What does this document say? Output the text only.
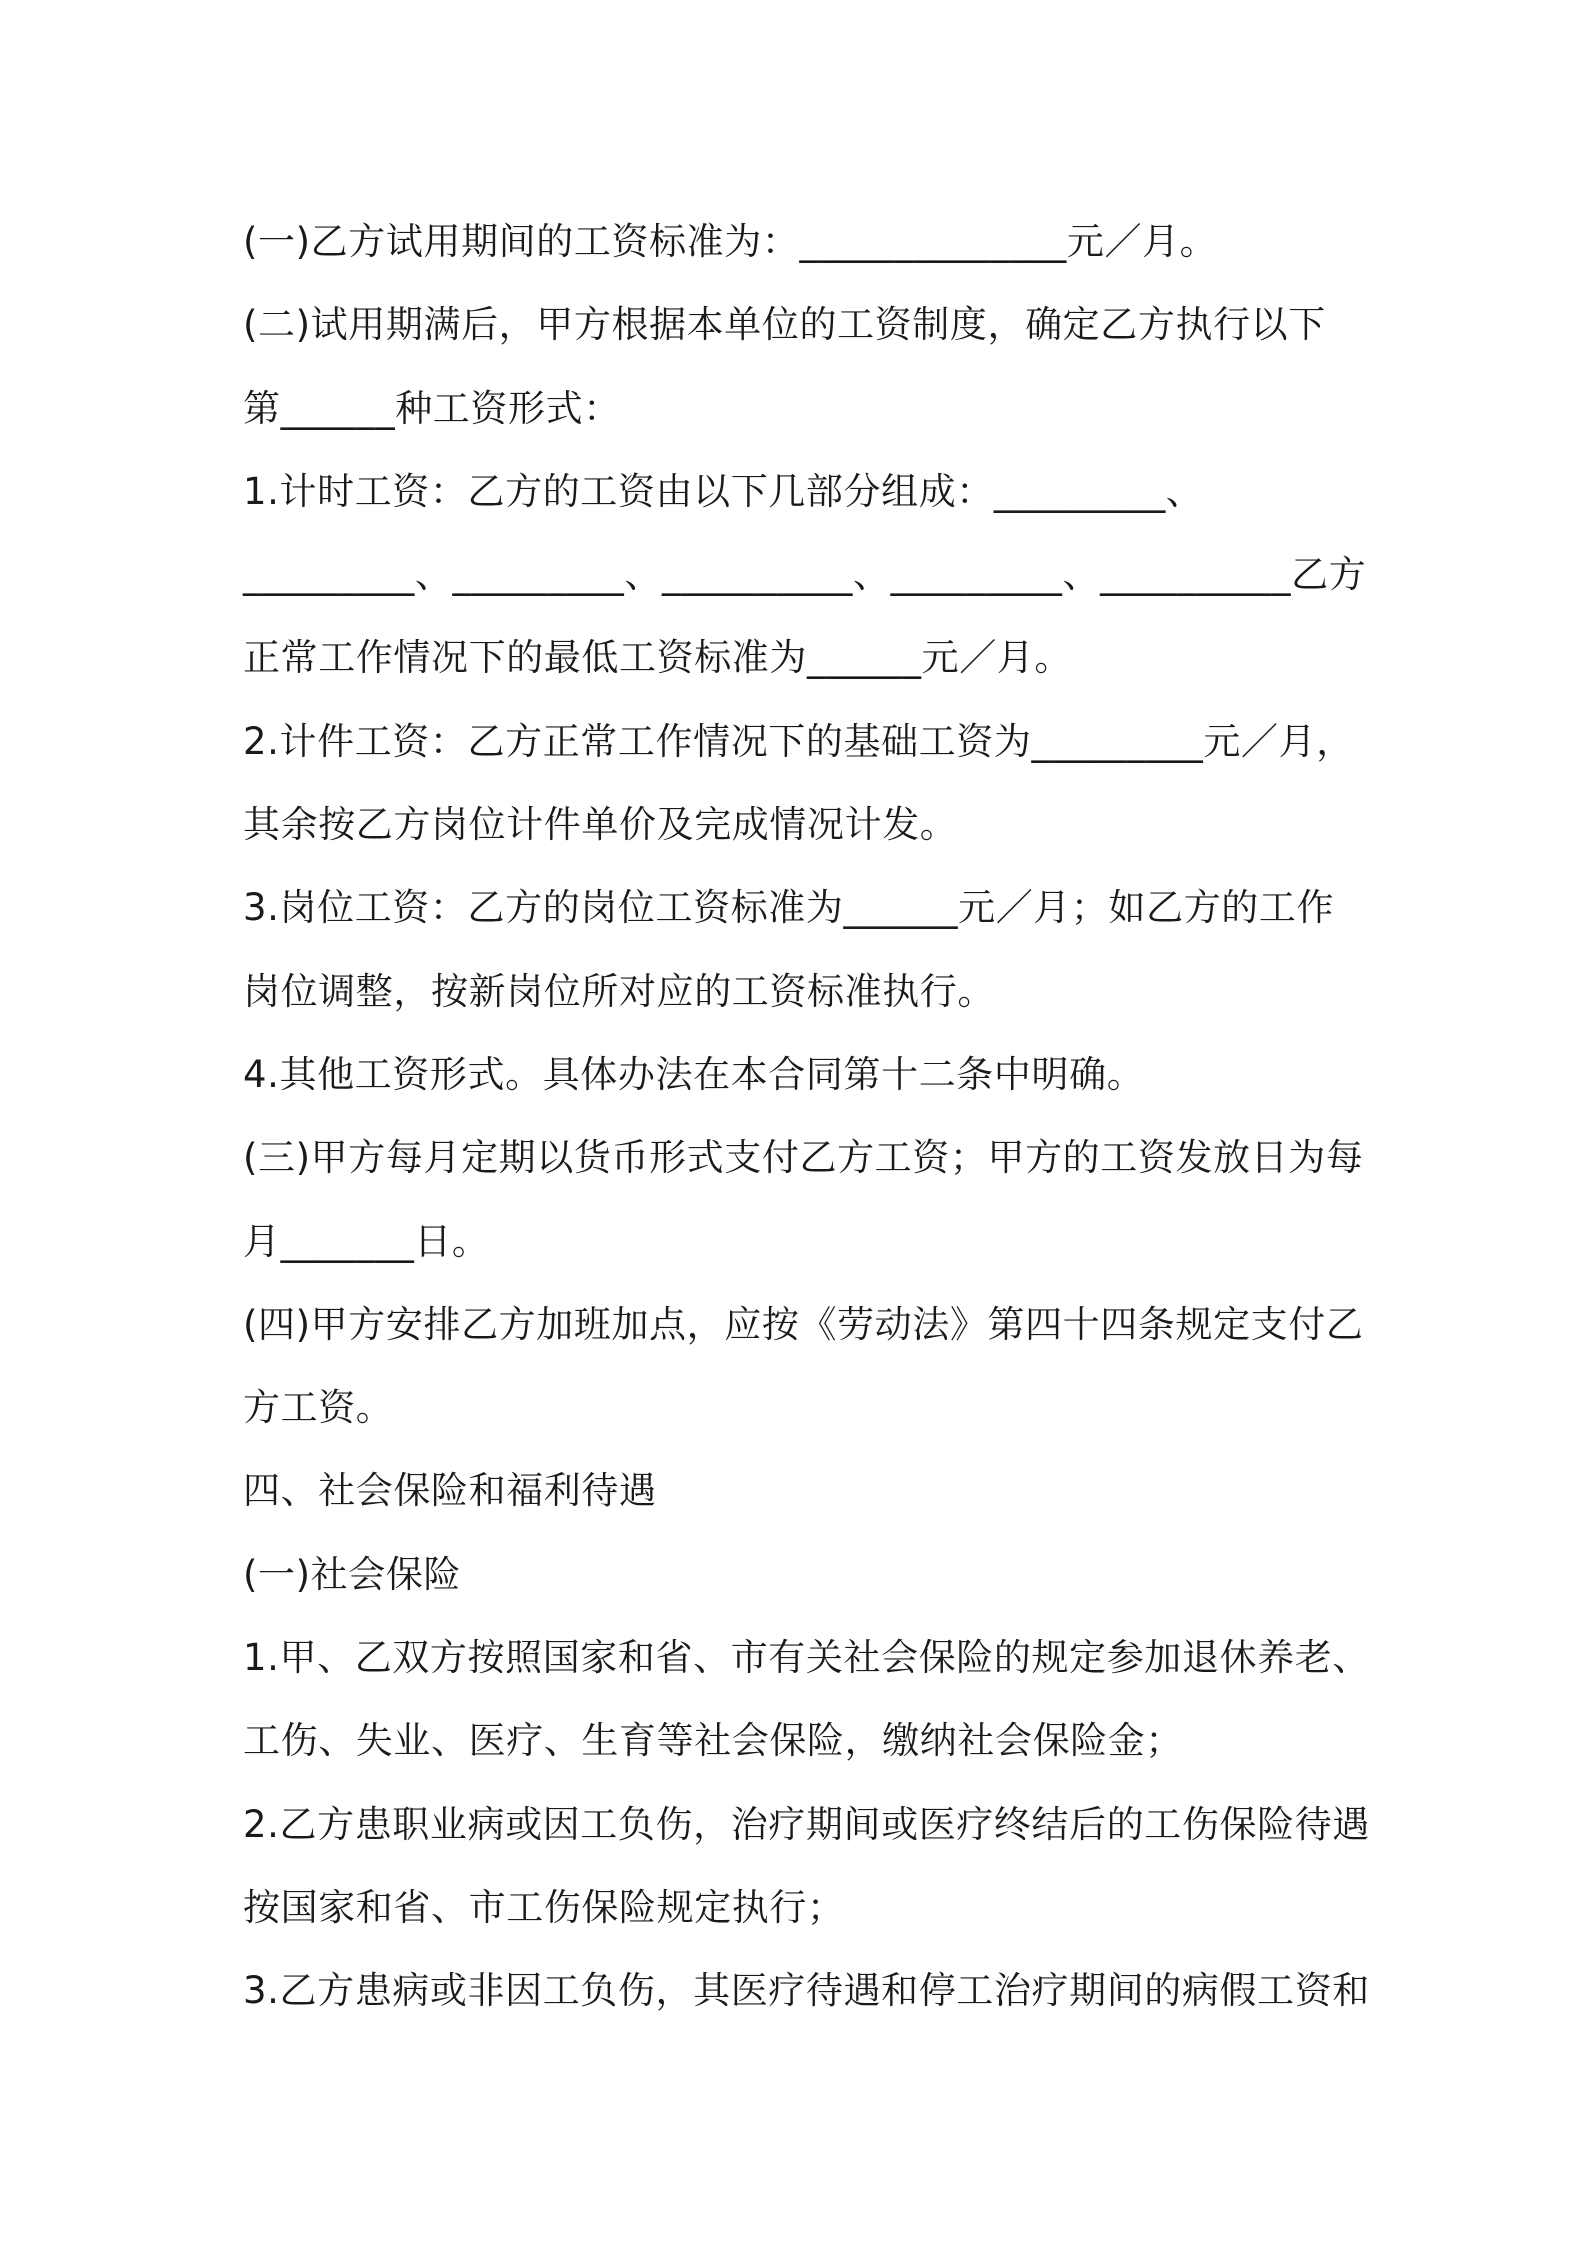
(一)乙方试用期间的工资标准为：______________元／月。
(二)试用期满后，甲方根据本单位的工资制度，确定乙方执行以下
第______种工资形式：
1.计时工资：乙方的工资由以下几部分组成：_________、
_________、_________、__________、_________、__________乙方
正常工作情况下的最低工资标准为______元／月。
2.计件工资：乙方正常工作情况下的基础工资为_________元／月，
其余按乙方岗位计件单价及完成情况计发。
3.岗位工资：乙方的岗位工资标准为______元／月；如乙方的工作
岗位调整，按新岗位所对应的工资标准执行。
4.其他工资形式。具体办法在本合同第十二条中明确。
(三)甲方每月定期以货币形式支付乙方工资；甲方的工资发放日为每
月_______日。
(四)甲方安排乙方加班加点，应按《劳动法》第四十四条规定支付乙
方工资。
四、社会保险和福利待遇
(一)社会保险
1.甲、乙双方按照国家和省、市有关社会保险的规定参加退休养老、
工伤、失业、医疗、生育等社会保险，缴纳社会保险金；
2.乙方患职业病或因工负伤，治疗期间或医疗终结后的工伤保险待遇
按国家和省、市工伤保险规定执行；
3.乙方患病或非因工负伤，其医疗待遇和停工治疗期间的病假工资和
